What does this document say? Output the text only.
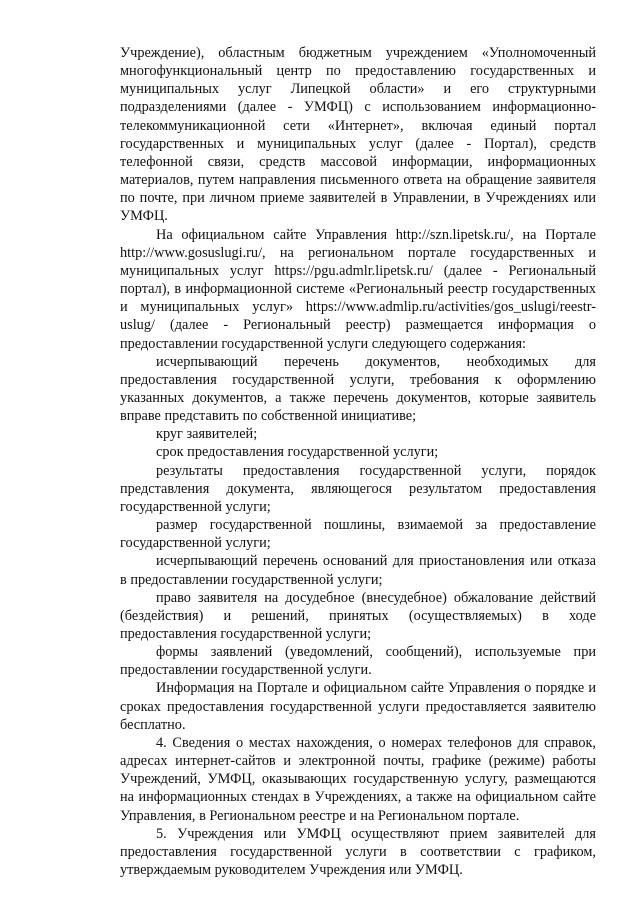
Учреждение), областным бюджетным учреждением «Уполномоченный многофункциональный центр по предоставлению государственных и муниципальных услуг Липецкой области» и его структурными подразделениями (далее - УМФЦ) с использованием информационно-телекоммуникационной сети «Интернет», включая единый портал государственных и муниципальных услуг (далее - Портал), средств телефонной связи, средств массовой информации, информационных материалов, путем направления письменного ответа на обращение заявителя по почте, при личном приеме заявителей в Управлении, в Учреждениях или УМФЦ.

На официальном сайте Управления http://szn.lipetsk.ru/, на Портале http://www.gosuslugi.ru/, на региональном портале государственных и муниципальных услуг https://pgu.admlr.lipetsk.ru/ (далее - Региональный портал), в информационной системе «Региональный реестр государственных и муниципальных услуг» https://www.admlip.ru/activities/gos_uslugi/reestr-uslug/ (далее - Региональный реестр) размещается информация о предоставлении государственной услуги следующего содержания:

исчерпывающий перечень документов, необходимых для предоставления государственной услуги, требования к оформлению указанных документов, а также перечень документов, которые заявитель вправе представить по собственной инициативе;

круг заявителей;

срок предоставления государственной услуги;

результаты предоставления государственной услуги, порядок представления документа, являющегося результатом предоставления государственной услуги;

размер государственной пошлины, взимаемой за предоставление государственной услуги;

исчерпывающий перечень оснований для приостановления или отказа в предоставлении государственной услуги;

право заявителя на досудебное (внесудебное) обжалование действий (бездействия) и решений, принятых (осуществляемых) в ходе предоставления государственной услуги;

формы заявлений (уведомлений, сообщений), используемые при предоставлении государственной услуги.

Информация на Портале и официальном сайте Управления о порядке и сроках предоставления государственной услуги предоставляется заявителю бесплатно.

4. Сведения о местах нахождения, о номерах телефонов для справок, адресах интернет-сайтов и электронной почты, графике (режиме) работы Учреждений, УМФЦ, оказывающих государственную услугу, размещаются на информационных стендах в Учреждениях, а также на официальном сайте Управления, в Региональном реестре и на Региональном портале.

5. Учреждения или УМФЦ осуществляют прием заявителей для предоставления государственной услуги в соответствии с графиком, утверждаемым руководителем Учреждения или УМФЦ.
